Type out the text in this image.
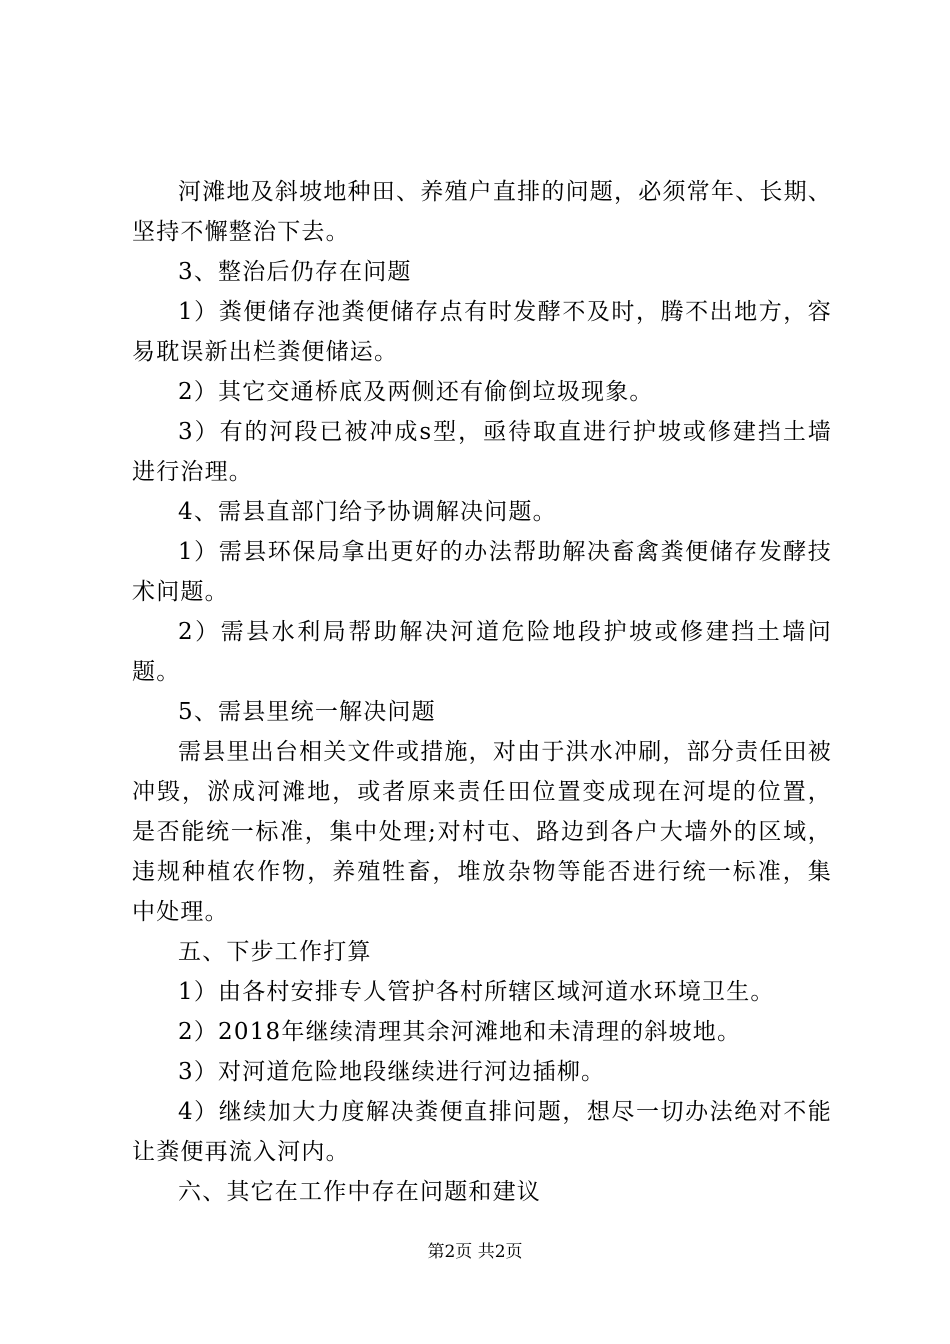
河滩地及斜坡地种田、养殖户直排的问题，必须常年、长期、坚持不懈整治下去。

3、整治后仍存在问题

1）粪便储存池粪便储存点有时发酵不及时，腾不出地方，容易耽误新出栏粪便储运。

2）其它交通桥底及两侧还有偷倒垃圾现象。

3）有的河段已被冲成s型，亟待取直进行护坡或修建挡土墙进行治理。

4、需县直部门给予协调解决问题。

1）需县环保局拿出更好的办法帮助解决畜禽粪便储存发酵技术问题。

2）需县水利局帮助解决河道危险地段护坡或修建挡土墙问题。

5、需县里统一解决问题

需县里出台相关文件或措施，对由于洪水冲刷，部分责任田被冲毁，淤成河滩地，或者原来责任田位置变成现在河堤的位置，是否能统一标准，集中处理;对村屯、路边到各户大墙外的区域，违规种植农作物，养殖牲畜，堆放杂物等能否进行统一标准，集中处理。

五、下步工作打算

1）由各村安排专人管护各村所辖区域河道水环境卫生。

2）2018年继续清理其余河滩地和未清理的斜坡地。

3）对河道危险地段继续进行河边插柳。

4）继续加大力度解决粪便直排问题，想尽一切办法绝对不能让粪便再流入河内。

六、其它在工作中存在问题和建议

第2页 共2页
